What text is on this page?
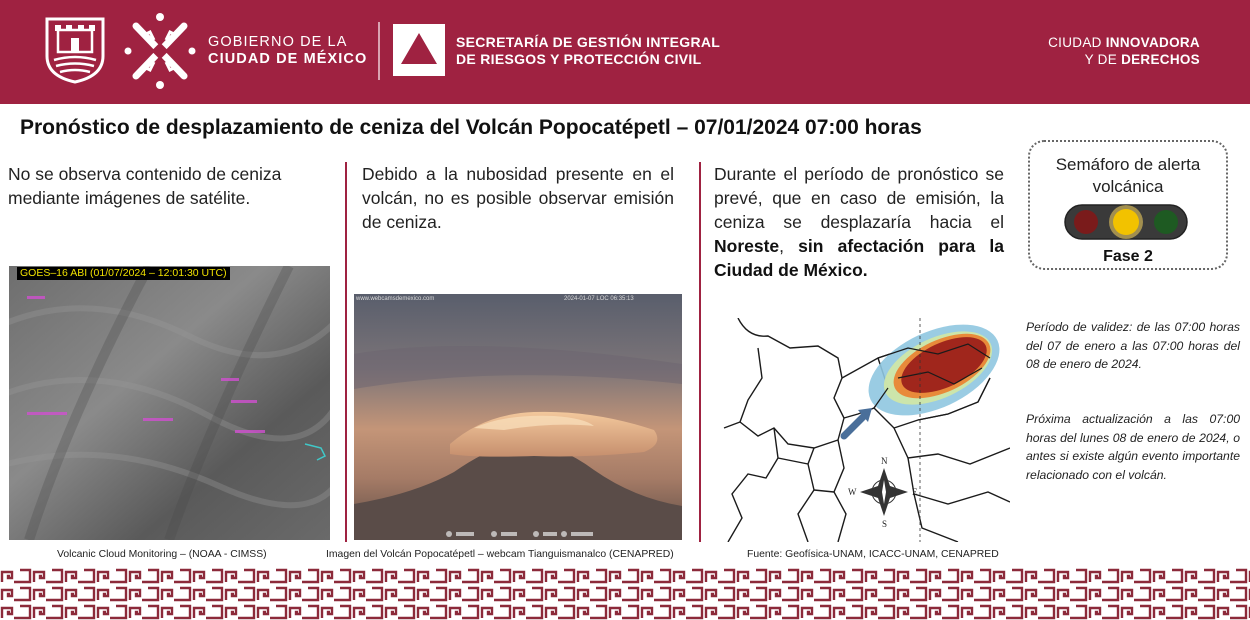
GOBIERNO DE LA
CIUDAD DE MÉXICO
SECRETARÍA DE GESTIÓN INTEGRAL
DE RIESGOS Y PROTECCIÓN CIVIL
CIUDAD INNOVADORA
Y DE DERECHOS
Pronóstico de desplazamiento de ceniza del Volcán Popocatépetl – 07/01/2024 07:00 horas
No se observa contenido de ceniza mediante imágenes de satélite.
Debido a la nubosidad presente en el volcán, no es posible observar emisión de ceniza.
Durante el período de pronóstico se prevé, que en caso de emisión, la ceniza se desplazaría hacia el Noreste, sin afectación para la Ciudad de México.
Semáforo de alerta volcánica
Fase 2
Período de validez: de las 07:00 horas del 07 de enero a las 07:00 horas del 08 de enero de 2024.
Próxima actualización a las 07:00 horas del lunes 08 de enero de 2024, o antes si existe algún evento importante relacionado con el volcán.
GOES–16 ABI (01/07/2024 – 12:01:30 UTC)
www.webcamsdemexico.com	2024-01-07 LOC 06:35:13
N
S
E
W
Volcanic Cloud Monitoring – (NOAA - CIMSS)	Imagen del Volcán Popocatépetl – webcam Tianguismanalco (CENAPRED)	Fuente: Geofísica-UNAM, ICACC-UNAM, CENAPRED
